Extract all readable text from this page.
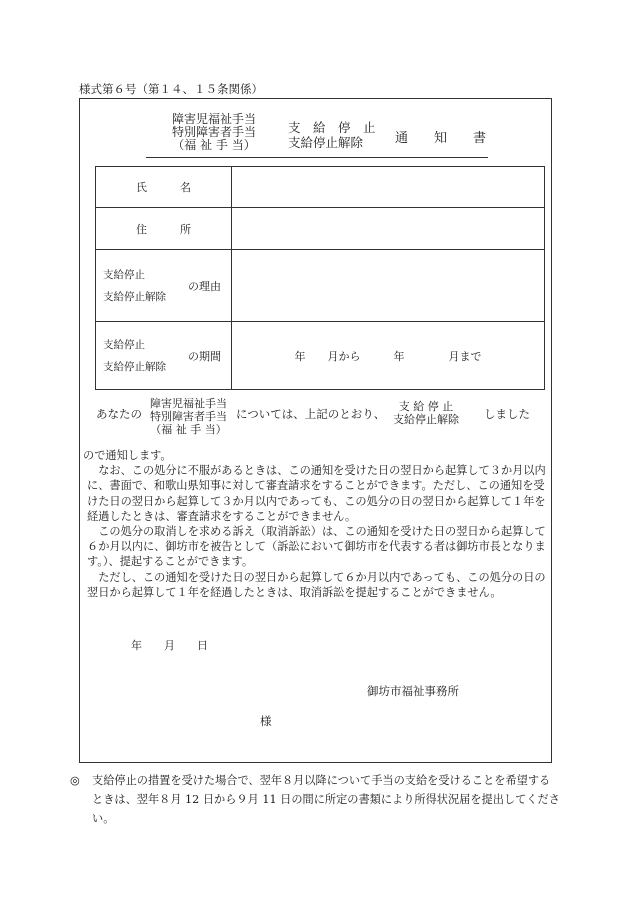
様式第６号（第１４、１５条関係）
障害児福祉手当
特別障害者手当
（福 祉 手 当）
支　給　停　止
支給停止解除	通　　知　　書
氏　　　名	
住　　　所	

支給停止
支給停止解除
の理由	

支給停止
支給停止解除
の期間	年　　月から　　　年　　　　月まで
あなたの
障害児福祉手当
特別障害者手当
（福 祉 手 当）
については、上記のとおり、
支 給 停 止
支給停止解除 しました

ので通知します。

　なお、この処分に不服があるときは、この通知を受けた日の翌日から起算して３か月以内に、書面で、和歌山県知事に対して審査請求をすることができます。ただし、この通知を受けた日の翌日から起算して３か月以内であっても、この処分の日の翌日から起算して１年を経過したときは、審査請求をすることができません。

　この処分の取消しを求める訴え（取消訴訟）は、この通知を受けた日の翌日から起算して６か月以内に、御坊市を被告として（訴訟において御坊市を代表する者は御坊市長となります。）、提起することができます。

　ただし、この通知を受けた日の翌日から起算して６か月以内であっても、この処分の日の翌日から起算して１年を経過したときは、取消訴訟を提起することができません。

年　　月　　日
御坊市福祉事務所
様
◎	支給停止の措置を受けた場合で、翌年８月以降について手当の支給を受けることを希望するときは、翌年８月 12 日から９月 11 日の間に所定の書類により所得状況届を提出してください。
